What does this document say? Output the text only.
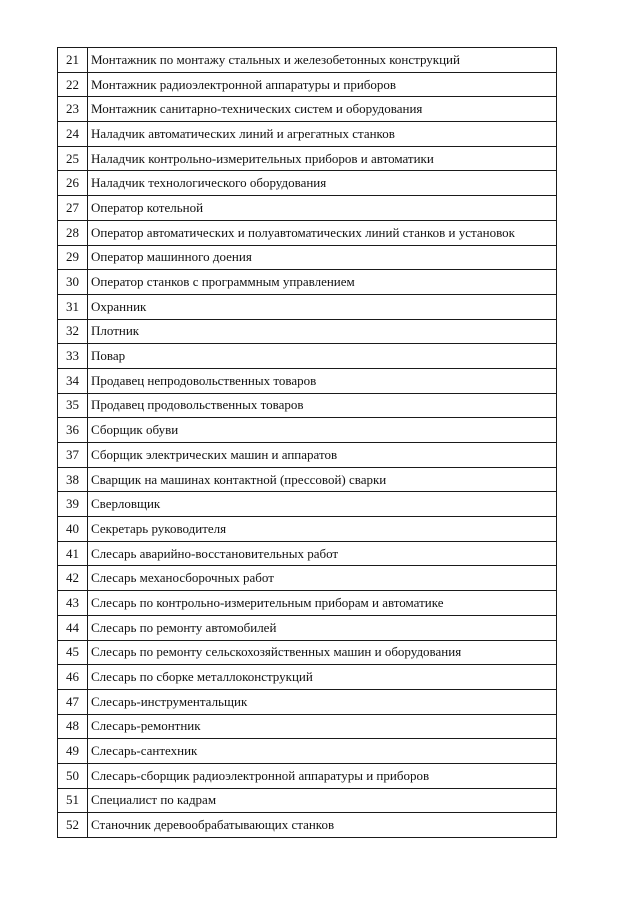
21	Монтажник по монтажу стальных и железобетонных конструкций
22	Монтажник радиоэлектронной аппаратуры и приборов
23	Монтажник санитарно-технических систем и оборудования
24	Наладчик автоматических линий и агрегатных станков
25	Наладчик контрольно-измерительных приборов и автоматики
26	Наладчик технологического оборудования
27	Оператор котельной
28	Оператор автоматических и полуавтоматических линий станков и установок
29	Оператор машинного доения
30	Оператор станков с программным управлением
31	Охранник
32	Плотник
33	Повар
34	Продавец непродовольственных товаров
35	Продавец продовольственных товаров
36	Сборщик обуви
37	Сборщик электрических машин и аппаратов
38	Сварщик на машинах контактной (прессовой) сварки
39	Сверловщик
40	Секретарь руководителя
41	Слесарь аварийно-восстановительных работ
42	Слесарь механосборочных работ
43	Слесарь по контрольно-измерительным приборам и автоматике
44	Слесарь по ремонту автомобилей
45	Слесарь по ремонту сельскохозяйственных машин и оборудования
46	Слесарь по сборке металлоконструкций
47	Слесарь-инструментальщик
48	Слесарь-ремонтник
49	Слесарь-сантехник
50	Слесарь-сборщик радиоэлектронной аппаратуры и приборов
51	Специалист по кадрам
52	Станочник деревообрабатывающих станков
